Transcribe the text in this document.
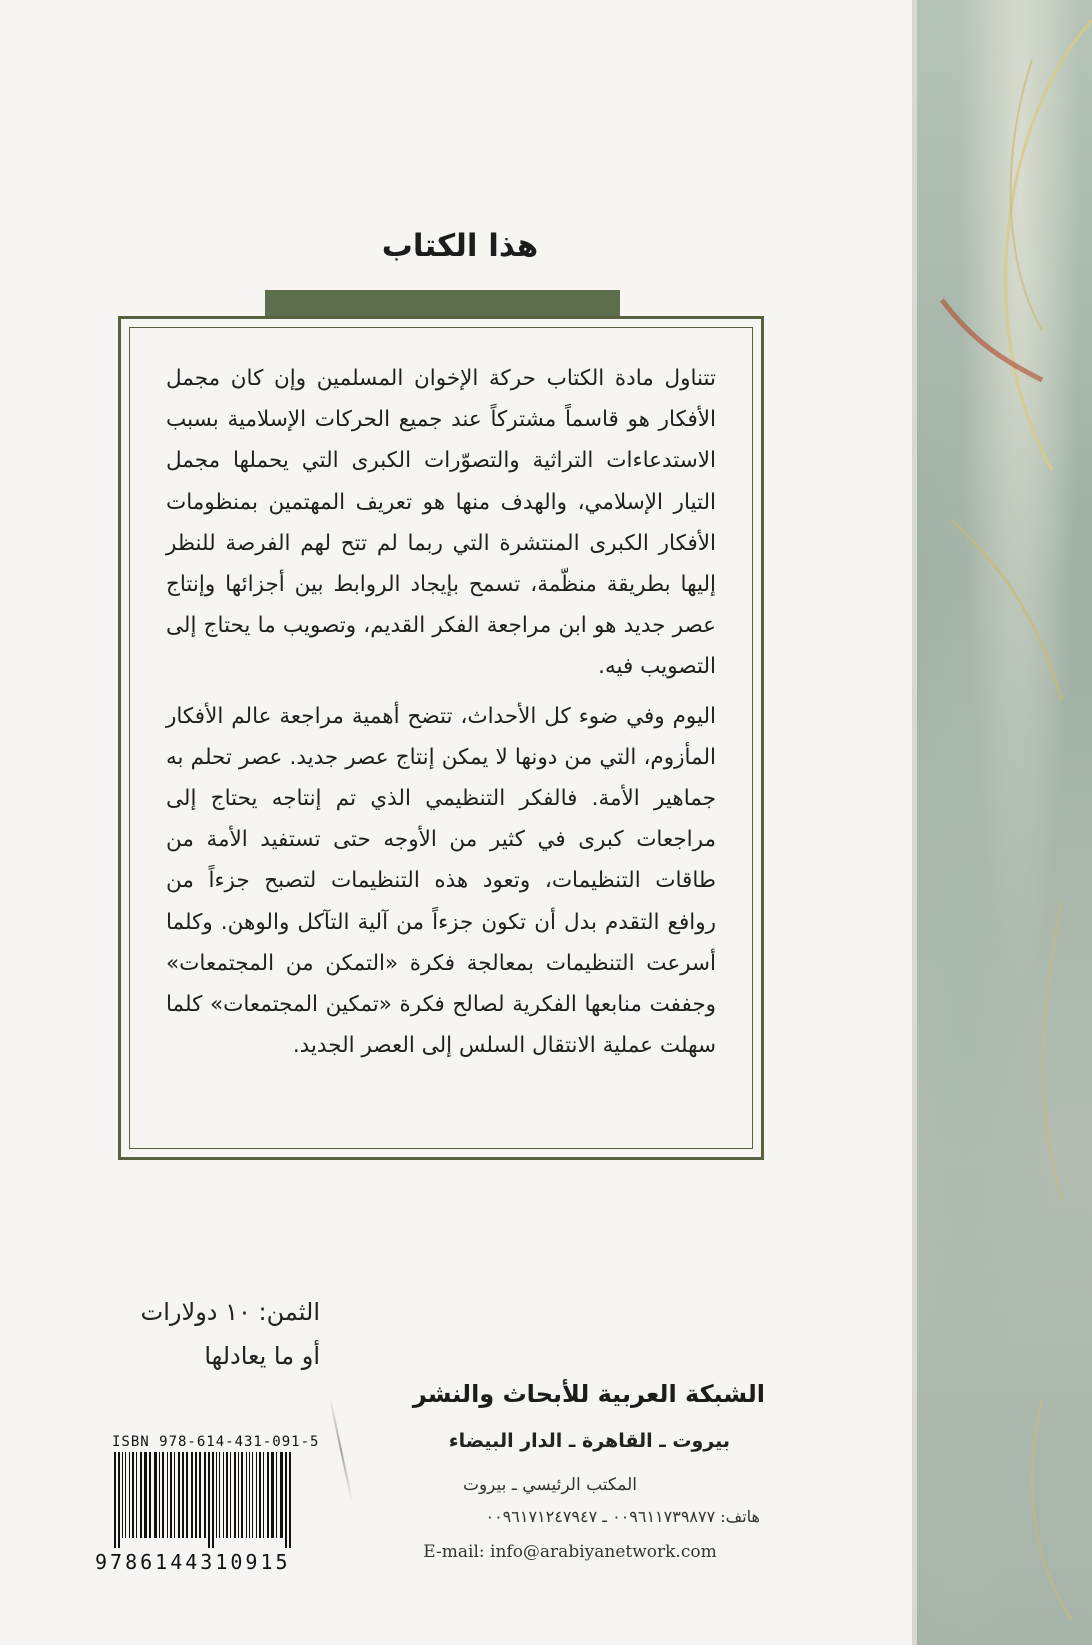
هذا الكتاب

تتناول مادة الكتاب حركة الإخوان المسلمين وإن كان مجمل الأفكار هو قاسماً مشتركاً عند جميع الحركات الإسلامية بسبب الاستدعاءات التراثية والتصوّرات الكبرى التي يحملها مجمل التيار الإسلامي، والهدف منها هو تعريف المهتمين بمنظومات الأفكار الكبرى المنتشرة التي ربما لم تتح لهم الفرصة للنظر إليها بطريقة منظّمة، تسمح بإيجاد الروابط بين أجزائها وإنتاج عصر جديد هو ابن مراجعة الفكر القديم، وتصويب ما يحتاج إلى التصويب فيه.

اليوم وفي ضوء كل الأحداث، تتضح أهمية مراجعة عالم الأفكار المأزوم، التي من دونها لا يمكن إنتاج عصر جديد. عصر تحلم به جماهير الأمة. فالفكر التنظيمي الذي تم إنتاجه يحتاج إلى مراجعات كبرى في كثير من الأوجه حتى تستفيد الأمة من طاقات التنظيمات، وتعود هذه التنظيمات لتصبح جزءاً من روافع التقدم بدل أن تكون جزءاً من آلية التآكل والوهن. وكلما أسرعت التنظيمات بمعالجة فكرة «التمكن من المجتمعات» وجففت منابعها الفكرية لصالح فكرة «تمكين المجتمعات» كلما سهلت عملية الانتقال السلس إلى العصر الجديد.

الثمن: ١٠ دولارات
أو ما يعادلها
الشبكة العربية للأبحاث والنشر
بيروت ـ القاهرة ـ الدار البيضاء
المكتب الرئيسي ـ بيروت
هاتف: ٠٠٩٦١١٧٣٩٨٧٧ ـ ٠٠٩٦١٧١٢٤٧٩٤٧
E-mail: info@arabiyanetwork.com
ISBN 978-614-431-091-5
9786144310915
